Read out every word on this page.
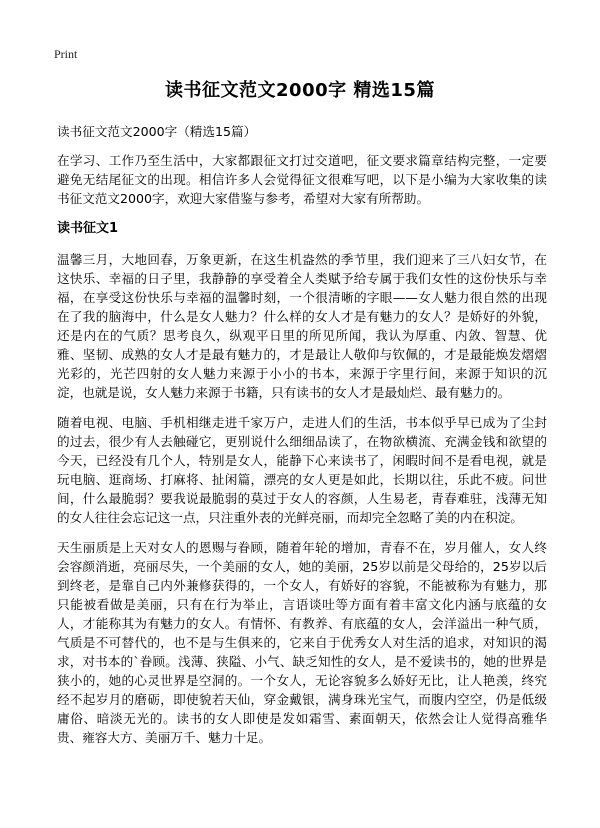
Print
读书征文范文2000字 精选15篇

读书征文范文2000字（精选15篇）

在学习、工作乃至生活中，大家都跟征文打过交道吧，征文要求篇章结构完整，一定要避免无结尾征文的出现。相信许多人会觉得征文很难写吧，以下是小编为大家收集的读书征文范文2000字，欢迎大家借鉴与参考，希望对大家有所帮助。

读书征文1

温馨三月，大地回春，万象更新，在这生机盎然的季节里，我们迎来了三八妇女节，在这快乐、幸福的日子里，我静静的享受着全人类赋予给专属于我们女性的这份快乐与幸福，在享受这份快乐与幸福的温馨时刻，一个很清晰的字眼——女人魅力很自然的出现在了我的脑海中，什么是女人魅力？什么样的女人才是有魅力的女人？是娇好的外貌，还是内在的气质？思考良久，纵观平日里的所见所闻，我认为厚重、内敛、智慧、优雅、坚韧、成熟的女人才是最有魅力的，才是最让人敬仰与钦佩的，才是最能焕发熠熠光彩的，光芒四射的女人魅力来源于小小的书本，来源于字里行间，来源于知识的沉淀，也就是说，女人魅力来源于书籍，只有读书的女人才是最灿烂、最有魅力的。

随着电视、电脑、手机相继走进千家万户，走进人们的生活，书本似乎早已成为了尘封的过去，很少有人去触碰它，更别说什么细细品读了，在物欲横流、充满金钱和欲望的今天，已经没有几个人，特别是女人，能静下心来读书了，闲暇时间不是看电视，就是玩电脑、逛商场、打麻将、扯闲篇，漂亮的女人更是如此，长期以往，乐此不疲。问世间，什么最脆弱？要我说最脆弱的莫过于女人的容颜，人生易老，青春难驻，浅薄无知的女人往往会忘记这一点，只注重外表的光鲜亮丽，而却完全忽略了美的内在积淀。

天生丽质是上天对女人的恩赐与眷顾，随着年轮的增加，青春不在，岁月催人，女人终会容颜消逝，亮丽尽失，一个美丽的女人，她的美丽，25岁以前是父母给的，25岁以后到终老，是靠自己内外兼修获得的，一个女人，有娇好的容貌，不能被称为有魅力，那只能被看做是美丽，只有在行为举止，言语谈吐等方面有着丰富文化内涵与底蕴的女人，才能称其为有魅力的女人。有情怀、有教养、有底蕴的女人，会洋溢出一种气质，气质是不可替代的，也不是与生俱来的，它来自于优秀女人对生活的追求，对知识的渴求，对书本的`眷顾。浅薄、狭隘、小气、缺乏知性的女人，是不爱读书的，她的世界是狭小的，她的心灵世界是空洞的。一个女人，无论容貌多么娇好无比，让人艳羡，终究经不起岁月的磨砺，即使貌若天仙，穿金戴银，满身珠光宝气，而腹内空空，仍是低级庸俗、暗淡无光的。读书的女人即使是发如霜雪、素面朝天，依然会让人觉得高雅华贵、雍容大方、美丽万千、魅力十足。
